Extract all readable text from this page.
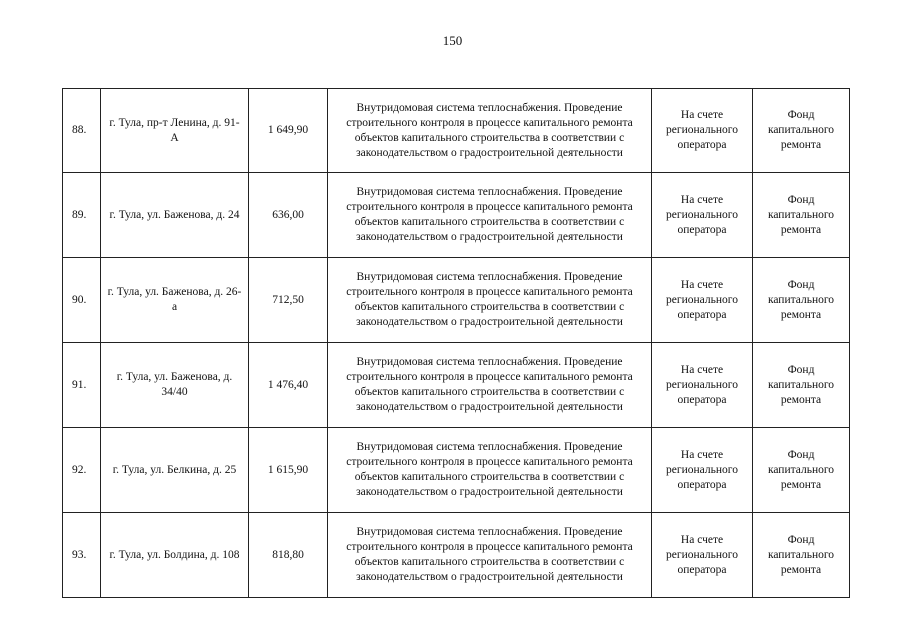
150
88.	г. Тула, пр-т Ленина, д. 91-А	1 649,90	Внутридомовая система теплоснабжения. Проведение строительного контроля в процессе капитального ремонта объектов капитального строительства в соответствии с законодательством о градостроительной деятельности	На счете регионального оператора	Фонд капитального ремонта
89.	г. Тула, ул. Баженова, д. 24	636,00	Внутридомовая система теплоснабжения. Проведение строительного контроля в процессе капитального ремонта объектов капитального строительства в соответствии с законодательством о градостроительной деятельности	На счете регионального оператора	Фонд капитального ремонта
90.	г. Тула, ул. Баженова, д. 26-а	712,50	Внутридомовая система теплоснабжения. Проведение строительного контроля в процессе капитального ремонта объектов капитального строительства в соответствии с законодательством о градостроительной деятельности	На счете регионального оператора	Фонд капитального ремонта
91.	г. Тула, ул. Баженова, д. 34/40	1 476,40	Внутридомовая система теплоснабжения. Проведение строительного контроля в процессе капитального ремонта объектов капитального строительства в соответствии с законодательством о градостроительной деятельности	На счете регионального оператора	Фонд капитального ремонта
92.	г. Тула, ул. Белкина, д. 25	1 615,90	Внутридомовая система теплоснабжения. Проведение строительного контроля в процессе капитального ремонта объектов капитального строительства в соответствии с законодательством о градостроительной деятельности	На счете регионального оператора	Фонд капитального ремонта
93.	г. Тула, ул. Болдина, д. 108	818,80	Внутридомовая система теплоснабжения. Проведение строительного контроля в процессе капитального ремонта объектов капитального строительства в соответствии с законодательством о градостроительной деятельности	На счете регионального оператора	Фонд капитального ремонта
